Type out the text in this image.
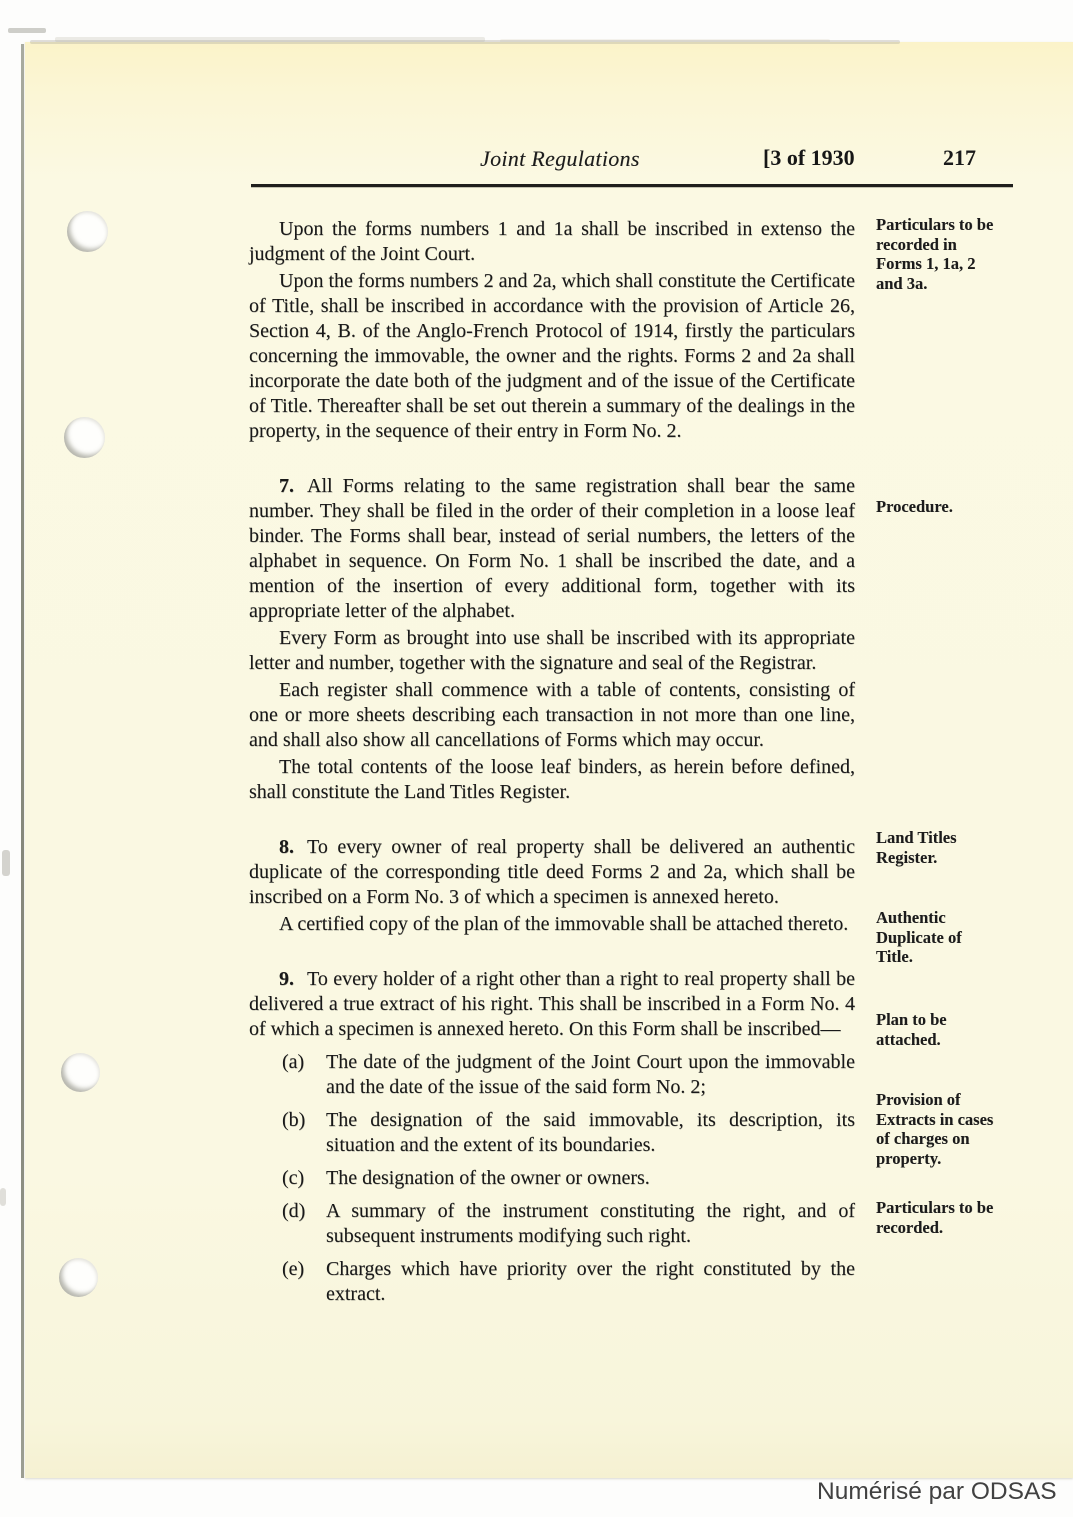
Joint Regulations	[3 of 1930	217

Upon the forms numbers 1 and 1a shall be inscribed in extenso the judgment of the Joint Court.

Upon the forms numbers 2 and 2a, which shall constitute the Certificate of Title, shall be inscribed in accordance with the provision of Article 26, Section 4, B. of the Anglo-French Protocol of 1914, firstly the particulars concerning the immovable, the owner and the rights. Forms 2 and 2a shall incorporate the date both of the judgment and of the issue of the Certificate of Title. Thereafter shall be set out therein a summary of the dealings in the property, in the sequence of their entry in Form No. 2.

7. All Forms relating to the same registration shall bear the same number. They shall be filed in the order of their completion in a loose leaf binder. The Forms shall bear, instead of serial numbers, the letters of the alphabet in sequence. On Form No. 1 shall be inscribed the date, and a mention of the insertion of every additional form, together with its appropriate letter of the alphabet.

Every Form as brought into use shall be inscribed with its appropriate letter and number, together with the signature and seal of the Registrar.

Each register shall commence with a table of contents, consisting of one or more sheets describing each transaction in not more than one line, and shall also show all cancellations of Forms which may occur.

The total contents of the loose leaf binders, as herein before defined, shall constitute the Land Titles Register.

8. To every owner of real property shall be delivered an authentic duplicate of the corresponding title deed Forms 2 and 2a, which shall be inscribed on a Form No. 3 of which a specimen is annexed hereto.

A certified copy of the plan of the immovable shall be attached thereto.

9. To every holder of a right other than a right to real property shall be delivered a true extract of his right. This shall be inscribed in a Form No. 4 of which a specimen is annexed hereto. On this Form shall be inscribed—

(a)	The date of the judgment of the Joint Court upon the immovable and the date of the issue of the said form No. 2;
(b)	The designation of the said immovable, its description, its situation and the extent of its boundaries.
(c)	The designation of the owner or owners.
(d)	A summary of the instrument constituting the right, and of subsequent instruments modifying such right.
(e)	Charges which have priority over the right constituted by the extract.
Particulars to be recorded in Forms 1, 1a, 2 and 3a.
Procedure.
Land Titles Register.
Authentic Duplicate of Title.
Plan to be attached.
Provision of Extracts in cases of charges on property.
Particulars to be recorded.
Numérisé par ODSAS
